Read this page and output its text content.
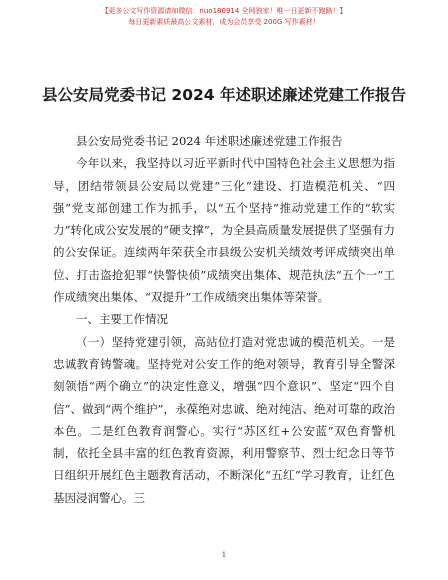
【更多公文写作资源请加微信：nuo180914 全网独家！唯一日更新不跑路！】
每日更新素质最高公文素材，成为会员享受 200G 写作素材！
县公安局党委书记 2024 年述职述廉述党建工作报告

县公安局党委书记 2024 年述职述廉述党建工作报告

今年以来，我坚持以习近平新时代中国特色社会主义思想为指导，团结带领县公安局以党建“三化”建设、打造模范机关、“四强”党支部创建工作为抓手，以“五个坚持”推动党建工作的“软实力”转化成公安发展的“硬支撑”，为全县高质量发展提供了坚强有力的公安保证。连续两年荣获全市县级公安机关绩效考评成绩突出单位、打击盗抢犯罪“快警快侦”成绩突出集体、规范执法“五个一”工作成绩突出集体、“双提升”工作成绩突出集体等荣誉。

一、主要工作情况

（一）坚持党建引领，高站位打造对党忠诚的模范机关。一是忠诚教育铸警魂。坚持党对公安工作的绝对领导，教育引导全警深刻领悟“两个确立”的决定性意义，增强“四个意识”、坚定“四个自信”、做到“两个维护”，永葆绝对忠诚、绝对纯洁、绝对可靠的政治本色。二是红色教育润警心。实行“苏区红+公安蓝”双色育警机制，依托全县丰富的红色教育资源，利用警察节、烈士纪念日等节日组织开展红色主题教育活动，不断深化“五红”学习教育，让红色基因浸润警心。三

1
